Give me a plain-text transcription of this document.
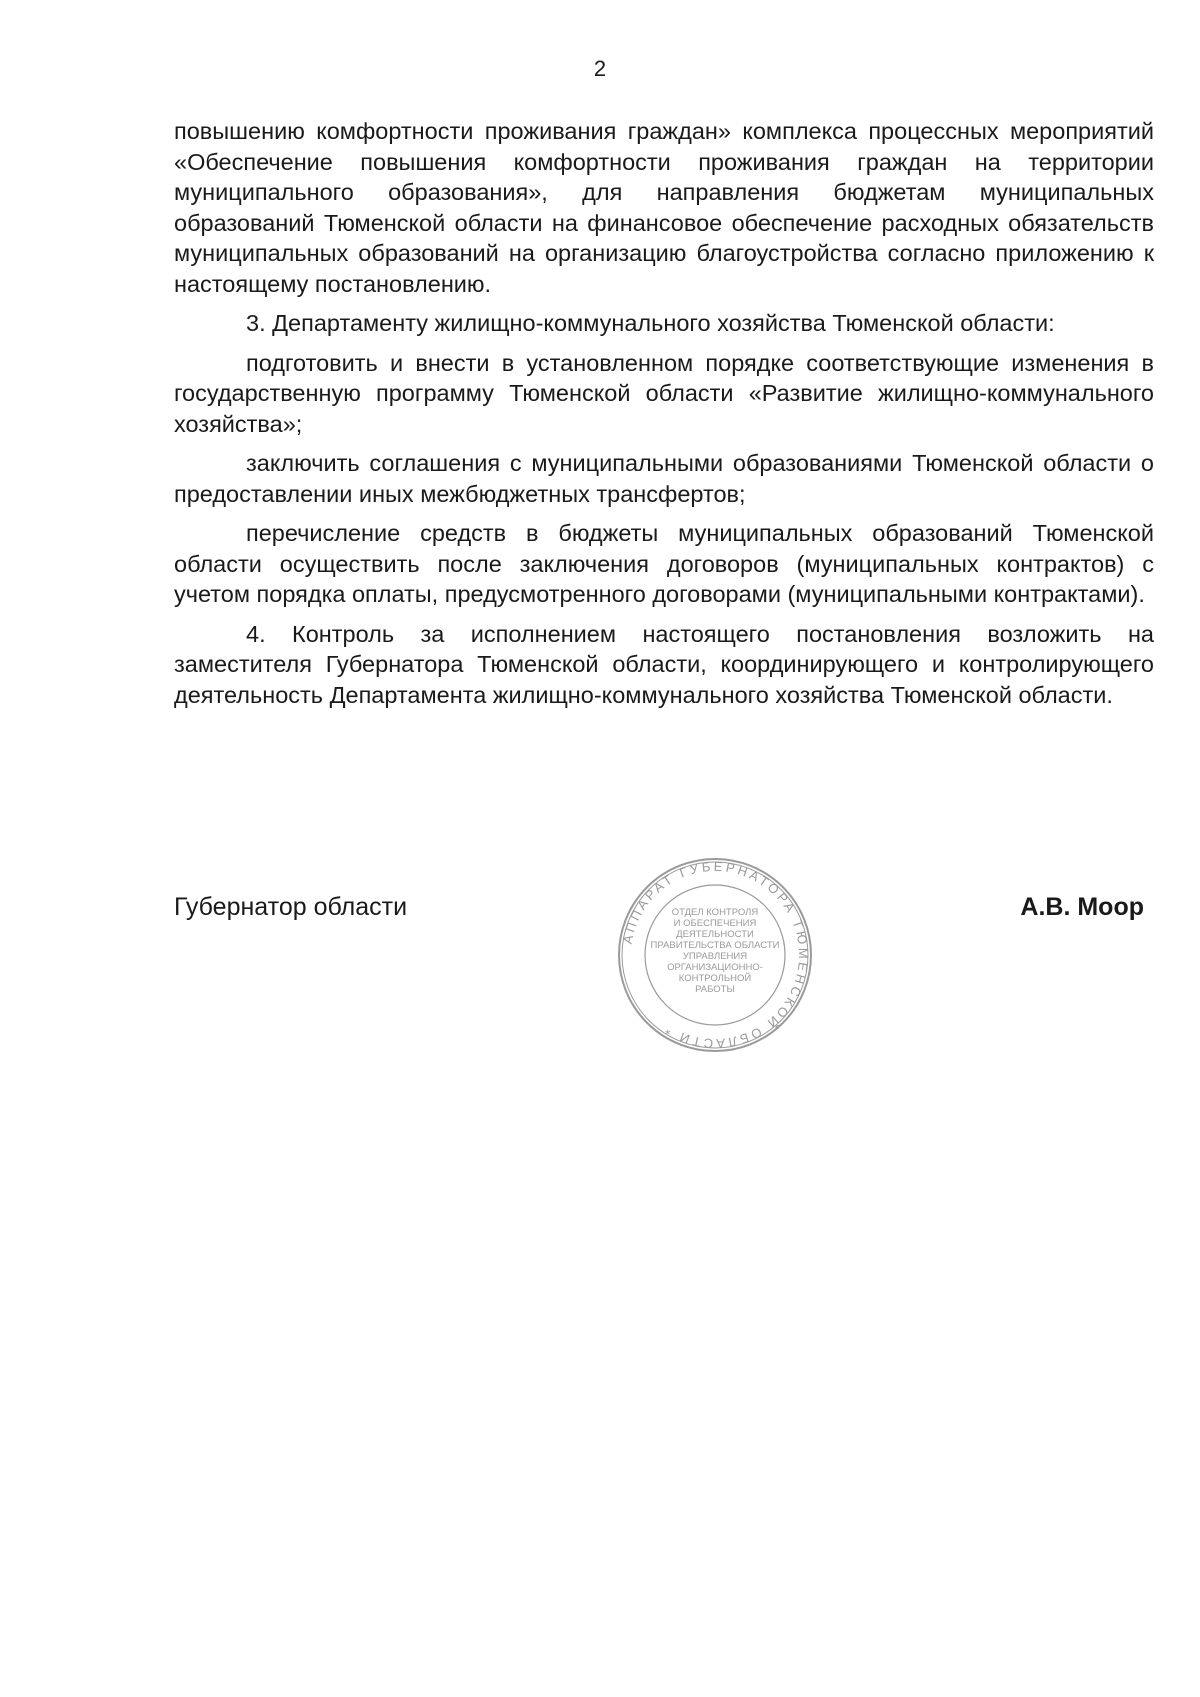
2

повышению комфортности проживания граждан» комплекса процессных мероприятий «Обеспечение повышения комфортности проживания граждан на территории муниципального образования», для направления бюджетам муниципальных образований Тюменской области на финансовое обеспечение расходных обязательств муниципальных образований на организацию благоустройства согласно приложению к настоящему постановлению.

3. Департаменту жилищно-коммунального хозяйства Тюменской области:

подготовить и внести в установленном порядке соответствующие изменения в государственную программу Тюменской области «Развитие жилищно-коммунального хозяйства»;

заключить соглашения с муниципальными образованиями Тюменской области о предоставлении иных межбюджетных трансфертов;

перечисление средств в бюджеты муниципальных образований Тюменской области осуществить после заключения договоров (муниципальных контрактов) с учетом порядка оплаты, предусмотренного договорами (муниципальными контрактами).

4. Контроль за исполнением настоящего постановления возложить на заместителя Губернатора Тюменской области, координирующего и контролирующего деятельность Департамента жилищно-коммунального хозяйства Тюменской области.

Губернатор области	А.В. Моор
АППАРАТ ГУБЕРНАТОРА ТЮМЕНСКОЙ ОБЛАСТИ *
ОТДЕЛ КОНТРОЛЯ
И ОБЕСПЕЧЕНИЯ
ДЕЯТЕЛЬНОСТИ
ПРАВИТЕЛЬСТВА ОБЛАСТИ
УПРАВЛЕНИЯ
ОРГАНИЗАЦИОННО-
КОНТРОЛЬНОЙ
РАБОТЫ
